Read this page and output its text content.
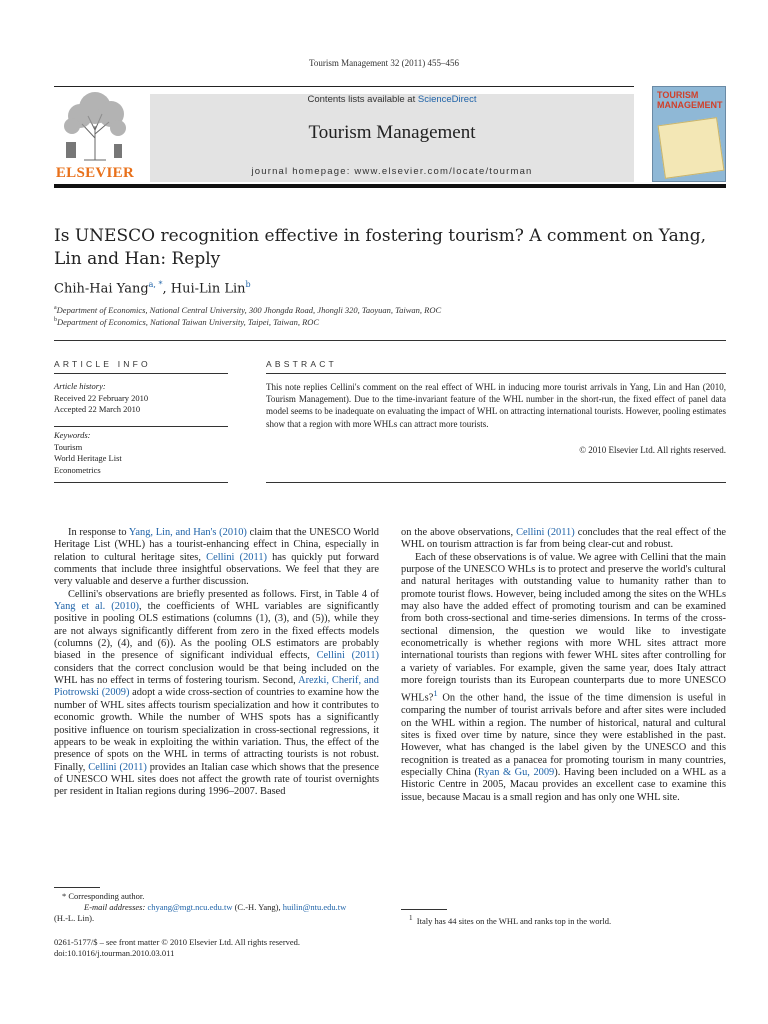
Tourism Management 32 (2011) 455–456
ELSEVIER
Contents lists available at ScienceDirect
Tourism Management
journal homepage: www.elsevier.com/locate/tourman
TOURISM MANAGEMENT
Is UNESCO recognition effective in fostering tourism? A comment on Yang, Lin and Han: Reply
Chih-Hai Yang$^{a, *}$, Hui-Lin Lin$^b$
$^a$Department of Economics, National Central University, 300 Jhongda Road, Jhongli 320, Taoyuan, Taiwan, ROC
$^b$Department of Economics, National Taiwan University, Taipei, Taiwan, ROC
ARTICLE INFO
Article history:
Received 22 February 2010
Accepted 22 March 2010
Keywords:
Tourism
World Heritage List
Econometrics
ABSTRACT
This note replies Cellini's comment on the real effect of WHL in inducing more tourist arrivals in Yang, Lin and Han (2010, Tourism Management). Due to the time-invariant feature of the WHL number in the short-run, the fixed effect of panel data model seems to be inadequate on evaluating the impact of WHL on attracting international tourists. However, pooling estimates show that a region with more WHLs can attract more tourists.
© 2010 Elsevier Ltd. All rights reserved.

In response to Yang, Lin, and Han's (2010) claim that the UNESCO World Heritage List (WHL) has a tourist-enhancing effect in China, especially in relation to cultural heritage sites, Cellini (2011) has quickly put forward comments that include three insightful observations. We feel that they are very valuable and deserve a further discussion.

Cellini's observations are briefly presented as follows. First, in Table 4 of Yang et al. (2010), the coefficients of WHL variables are significantly positive in pooling OLS estimations (columns (1), (3), and (5)), while they are not always significantly different from zero in the fixed effects models (columns (2), (4), and (6)). As the pooling OLS estimators are probably biased in the presence of significant individual effects, Cellini (2011) considers that the correct conclusion would be that being included on the WHL has no effect in terms of fostering tourism. Second, Arezki, Cherif, and Piotrowski (2009) adopt a wide cross-section of countries to examine how the number of WHL sites affects tourism specialization and how it contributes to economic growth. While the number of WHS spots has a significantly positive influence on tourism specialization in cross-sectional regressions, it appears to be weak in exploiting the within variation. Thus, the effect of the presence of spots on the WHL in terms of attracting tourists is not robust. Finally, Cellini (2011) provides an Italian case which shows that the presence of UNESCO WHL sites does not affect the growth rate of tourist overnights per resident in Italian regions during 1996–2007. Based

on the above observations, Cellini (2011) concludes that the real effect of the WHL on tourism attraction is far from being clear-cut and robust.

Each of these observations is of value. We agree with Cellini that the main purpose of the UNESCO WHLs is to protect and preserve the world's cultural and natural heritages with outstanding value to humanity rather than to promote tourist flows. However, being included among the sites on the WHLs may also have the added effect of promoting tourism and can be examined from both cross-sectional and time-series dimensions. In terms of the cross-sectional dimension, the question we would like to investigate econometrically is whether regions with more WHL sites attract more international tourists than regions with fewer WHL sites after controlling for a variety of variables. For example, given the same year, does Italy attract more foreign tourists than its European counterparts due to more UNESCO WHLs?$^1$ On the other hand, the issue of the time dimension is useful in comparing the number of tourist arrivals before and after sites were included on the WHL within a region. The number of historical, natural and cultural sites is fixed over time by nature, since they were established in the past. However, what has changed is the label given by the UNESCO and this recognition is treated as a panacea for promoting tourism in many countries, especially China (Ryan & Gu, 2009). Having been included on a WHL as a Historic Centre in 2005, Macau provides an excellent case to examine this issue, because Macau is a small region and has only one WHL site.

* Corresponding author.
E-mail addresses: chyang@mgt.ncu.edu.tw (C.-H. Yang), huilin@ntu.edu.tw
(H.-L. Lin).	$^1$ Italy has 44 sites on the WHL and ranks top in the world.
0261-5177/$ – see front matter © 2010 Elsevier Ltd. All rights reserved.
doi:10.1016/j.tourman.2010.03.011
